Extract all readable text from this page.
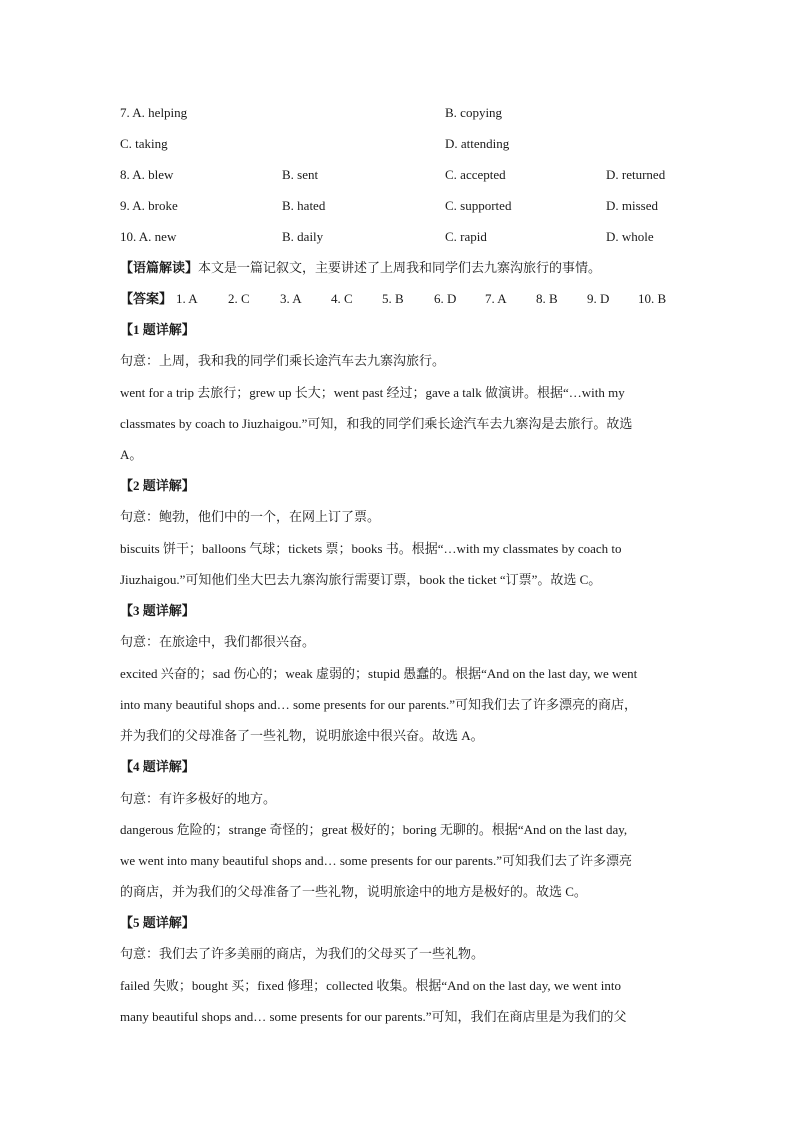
7. A. helping	B. copying
C. taking	D. attending
8. A. blew	B. sent	C. accepted	D. returned
9. A. broke	B. hated	C. supported	D. missed
10. A. new	B. daily	C. rapid	D. whole
【语篇解读】本文是一篇记叙文，主要讲述了上周我和同学们去九寨沟旅行的事情。
【答案】 1. A 2. C 3. A 4. C 5. B 6. D 7. A 8. B 9. D 10. B
【1 题详解】
句意：上周，我和我的同学们乘长途汽车去九寨沟旅行。
went for a trip 去旅行；grew up 长大；went past 经过；gave a talk 做演讲。根据“…with my
classmates by coach to Jiuzhaigou.”可知，和我的同学们乘长途汽车去九寨沟是去旅行。故选
A。
【2 题详解】
句意：鲍勃，他们中的一个，在网上订了票。
biscuits 饼干；balloons 气球；tickets 票；books 书。根据“…with my classmates by coach to
Jiuzhaigou.”可知他们坐大巴去九寨沟旅行需要订票，book the ticket “订票”。故选 C。
【3 题详解】
句意：在旅途中，我们都很兴奋。
excited 兴奋的；sad 伤心的；weak 虚弱的；stupid 愚蠢的。根据“And on the last day, we went
into many beautiful shops and… some presents for our parents.”可知我们去了许多漂亮的商店，
并为我们的父母准备了一些礼物，说明旅途中很兴奋。故选 A。
【4 题详解】
句意：有许多极好的地方。
dangerous 危险的；strange 奇怪的；great 极好的；boring 无聊的。根据“And on the last day,
we went into many beautiful shops and… some presents for our parents.”可知我们去了许多漂亮
的商店，并为我们的父母准备了一些礼物，说明旅途中的地方是极好的。故选 C。
【5 题详解】
句意：我们去了许多美丽的商店，为我们的父母买了一些礼物。
failed 失败；bought 买；fixed 修理；collected 收集。根据“And on the last day, we went into
many beautiful shops and… some presents for our parents.”可知，我们在商店里是为我们的父
